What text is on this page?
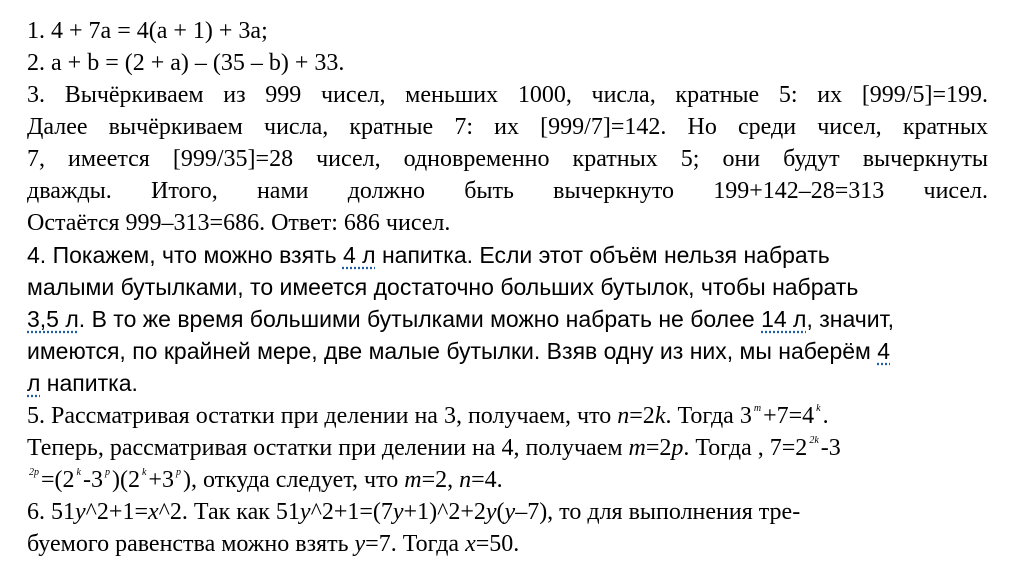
1. 4 + 7a = 4(a + 1) + 3a;
2. a + b = (2 + a) – (35 – b) + 33.
3. Вычёркиваем из 999 чисел, меньших 1000, числа, кратные 5: их [999/5]=199.
Далее вычёркиваем числа, кратные 7: их [999/7]=142. Но среди чисел, кратных
7, имеется [999/35]=28 чисел, одновременно кратных 5; они будут вычеркнуты
дважды. Итого, нами должно быть вычеркнуто 199+142–28=313 чисел.
Остаётся 999–313=686. Ответ: 686 чисел.
4. Покажем, что можно взять 4 л напитка. Если этот объём нельзя набрать
малыми бутылками, то имеется достаточно больших бутылок, чтобы набрать
3,5 л. В то же время большими бутылками можно набрать не более 14 л, значит,
имеются, по крайней мере, две малые бутылки. Взяв одну из них, мы наберём 4
л напитка.
5. Рассматривая остатки при делении на 3, получаем, что n=2k. Тогда 3 $^m$+7=4 $^k$.
Теперь, рассматривая остатки при делении на 4, получаем m=2p. Тогда , 7=2 $^{2k}$-3
$^{2p}$=(2 $^k$-3 $^p$)(2 $^k$+3 $^p$), откуда следует, что m=2, n=4.
6. 51y^2+1=x^2. Так как 51y^2+1=(7y+1)^2+2y(y–7), то для выполнения тре-
буемого равенства можно взять y=7. Тогда x=50.
